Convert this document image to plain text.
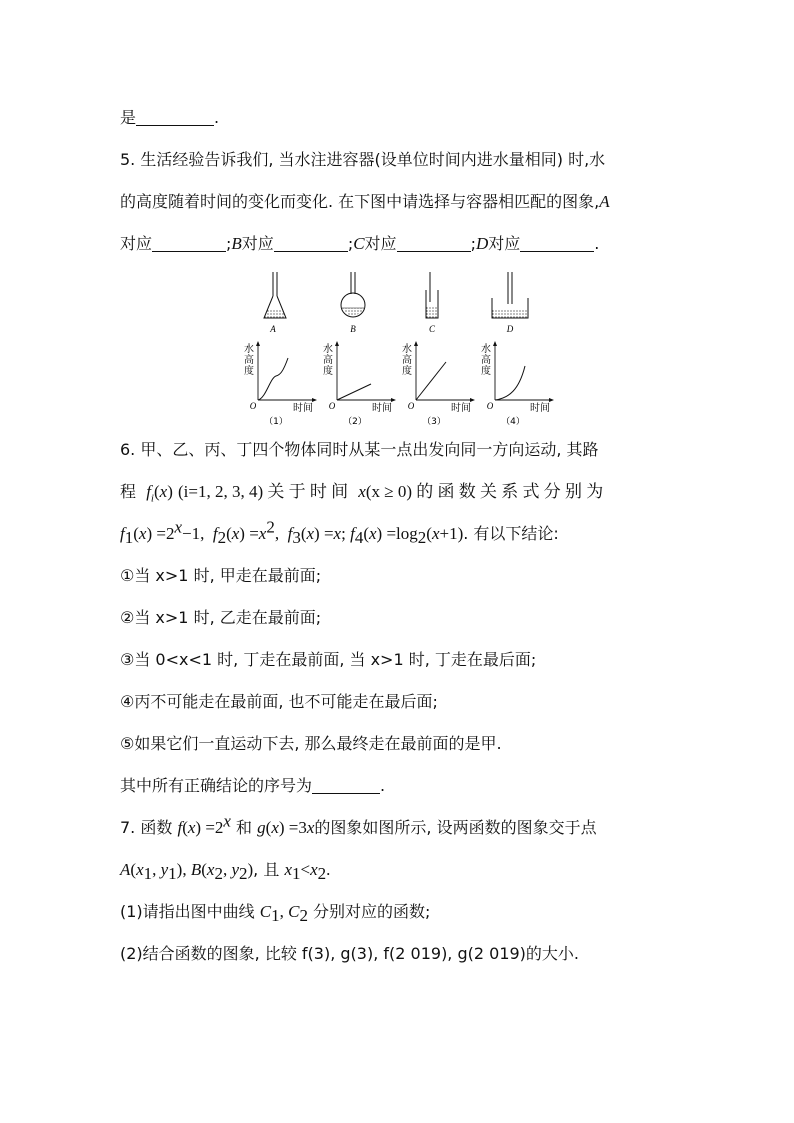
是	.
5. 生活经验告诉我们, 当水注进容器(设单位时间内进水量相同) 时,水
的高度随着时间的变化而变化. 在下图中请选择与容器相匹配的图象,A
对应	;B对应	;C对应	;D对应	.
A	B	C	D
水
高
度
O	时间
（1）
水
高
度
O	时间
（2）
水
高
度
O	时间
（3）
水
高
度
O	时间
（4）
6. 甲、乙、丙、丁四个物体同时从某一点出发向同一方向运动, 其路
程 $f_i(x)$ (i=1, 2, 3, 4) 关 于 时 间 x(x ≥ 0) 的 函 数 关 系 式 分 别 为
$f_1(x) =2^x-1$,  $f_2(x) =x^2$,  $f_3(x) =x$; $f_4(x) =\log_2(x+1)$. 有以下结论:
①当 x>1 时, 甲走在最前面;
②当 x>1 时, 乙走在最前面;
③当 0<x<1 时, 丁走在最前面, 当 x>1 时, 丁走在最后面;
④丙不可能走在最前面, 也不可能走在最后面;
⑤如果它们一直运动下去, 那么最终走在最前面的是甲.
其中所有正确结论的序号为	.
7. 函数 $f(x) =2^x$ 和 g(x) =3x的图象如图所示, 设两函数的图象交于点
$A(x_1$, $y_1$), $B(x_2$, $y_2$), 且 $x_1<x_2$.
(1)请指出图中曲线 $C_1$, $C_2$ 分别对应的函数;
(2)结合函数的图象, 比较 f(3), g(3), f(2 019), g(2 019)的大小.
